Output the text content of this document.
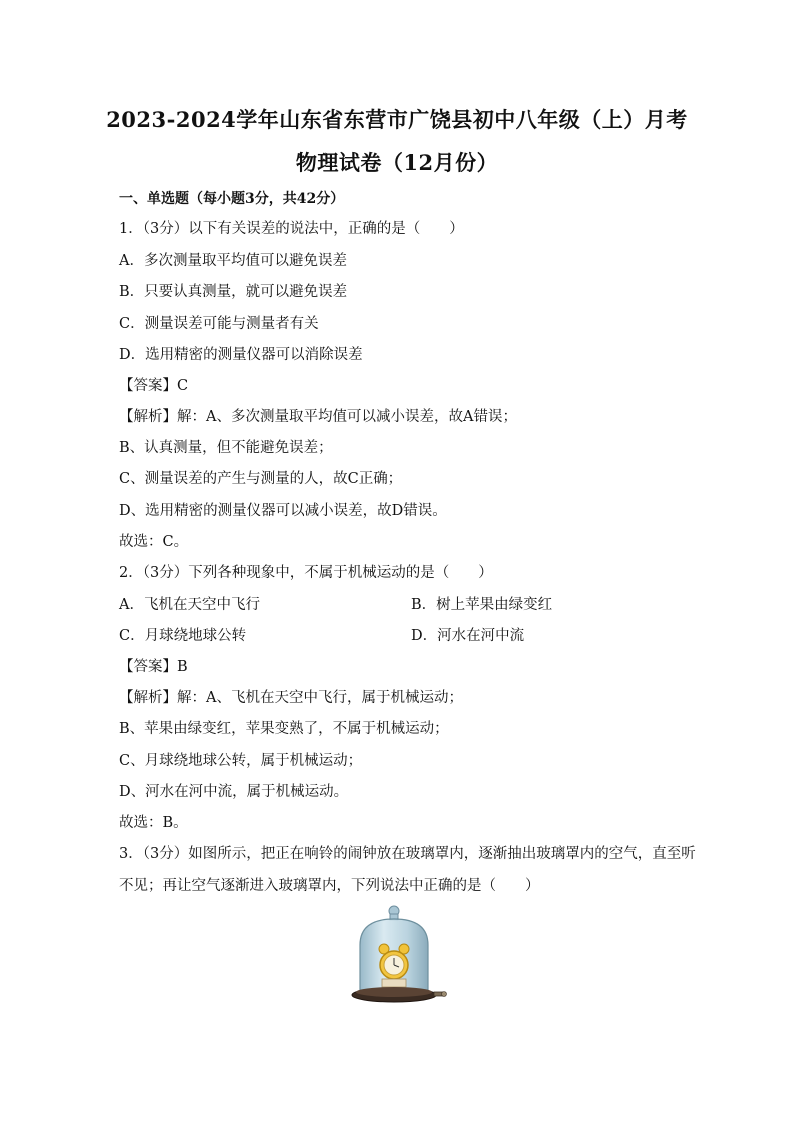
2023-2024学年山东省东营市广饶县初中八年级（上）月考
物理试卷（12月份）
一、单选题（每小题3分，共42分）
1．（3分）以下有关误差的说法中，正确的是（　　）
A．多次测量取平均值可以避免误差
B．只要认真测量，就可以避免误差
C．测量误差可能与测量者有关
D．选用精密的测量仪器可以消除误差
【答案】C
【解析】解：A、多次测量取平均值可以减小误差，故A错误；
B、认真测量，但不能避免误差；
C、测量误差的产生与测量的人，故C正确；
D、选用精密的测量仪器可以减小误差，故D错误。
故选：C。
2．（3分）下列各种现象中，不属于机械运动的是（　　）
A．飞机在天空中飞行	B．树上苹果由绿变红
C．月球绕地球公转	D．河水在河中流
【答案】B
【解析】解：A、飞机在天空中飞行，属于机械运动；
B、苹果由绿变红，苹果变熟了，不属于机械运动；
C、月球绕地球公转，属于机械运动；
D、河水在河中流，属于机械运动。
故选：B。
3．（3分）如图所示，把正在响铃的闹钟放在玻璃罩内，逐渐抽出玻璃罩内的空气，直至听
不见；再让空气逐渐进入玻璃罩内，下列说法中正确的是（　　）
